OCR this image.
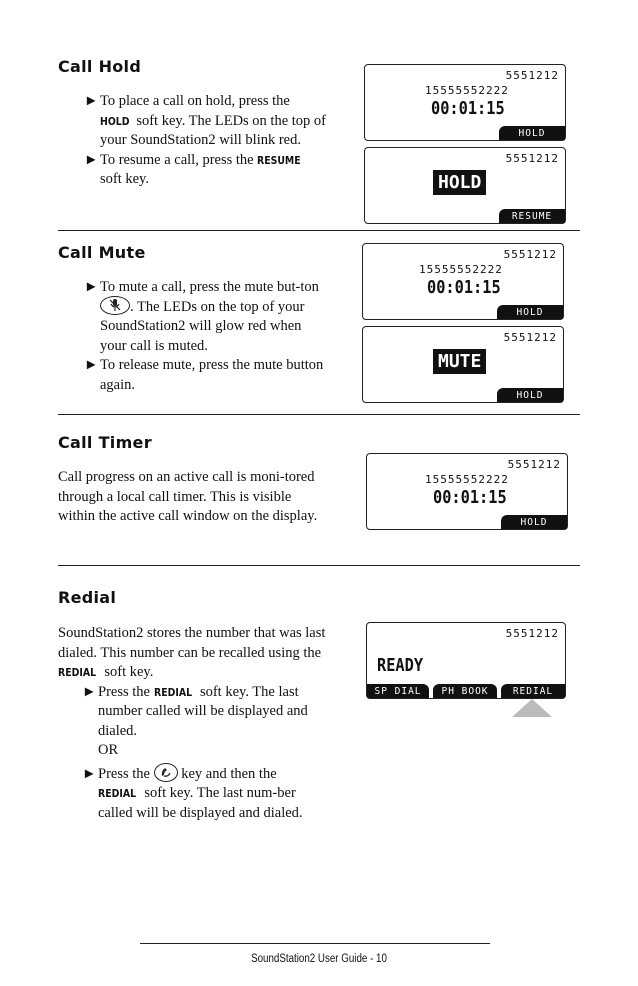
Call Hold
► To place a call on hold, press the
HOLD soft key. The LEDs on the top of your SoundStation2 will blink red.
► To resume a call, press the RESUME
soft key.
5551212
15555552222
00:01:15
HOLD
5551212
HOLD
RESUME
Call Mute
► To mute a call, press the mute but-ton . The LEDs on the top of your SoundStation2 will glow red when your call is muted.
► To release mute, press the mute button again.
5551212
15555552222
00:01:15
HOLD
5551212
MUTE
HOLD
Call Timer
Call progress on an active call is moni-tored through a local call timer. This is visible within the active call window on the display.
5551212
15555552222
00:01:15
HOLD
Redial
SoundStation2 stores the number that was last dialed. This number can be recalled using the REDIAL soft key.
► Press the REDIAL soft key. The last number called will be displayed and dialed.
OR
► Press the key and then the
REDIAL soft key. The last num-ber called will be displayed and dialed.
5551212
READY
SP DIAL	PH BOOK	REDIAL
SoundStation2 User Guide - 10
